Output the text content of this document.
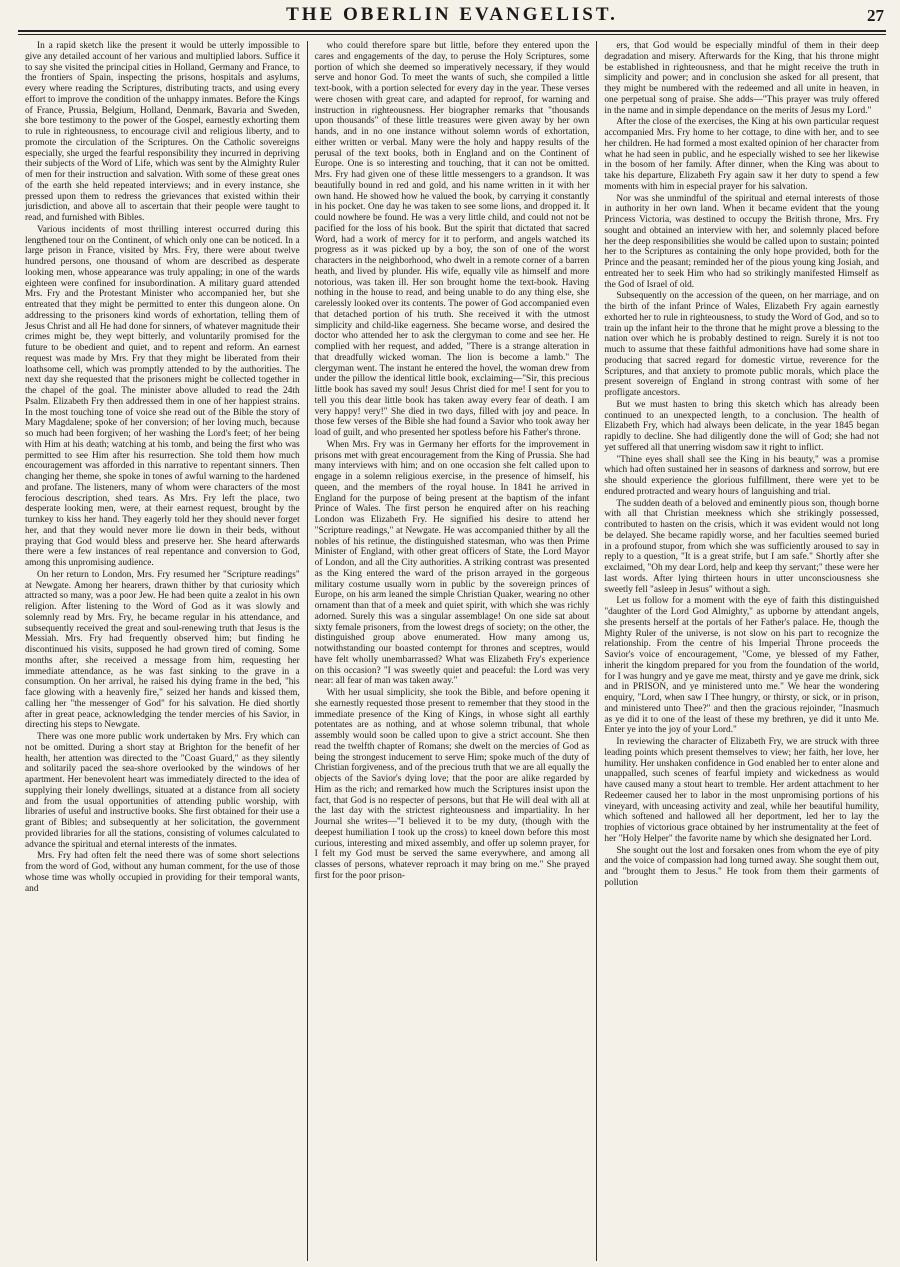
THE OBERLIN EVANGELIST.	27

In a rapid sketch like the present it would be utterly impossible to give any detailed account of her various and multiplied labors. Suffice it to say she visited the principal cities in Holland, Germany and France, to the frontiers of Spain, inspecting the prisons, hospitals and asylums, every where reading the Scriptures, distributing tracts, and using every effort to improve the condition of the unhappy inmates. Before the Kings of France, Prussia, Belgium, Holland, Denmark, Bavaria and Sweden, she bore testimony to the power of the Gospel, earnestly exhorting them to rule in righteousness, to encourage civil and religious liberty, and to promote the circulation of the Scriptures. On the Catholic sovereigns especially, she urged the fearful responsibility they incurred in depriving their subjects of the Word of Life, which was sent by the Almighty Ruler of men for their instruction and salvation. With some of these great ones of the earth she held repeated interviews; and in every instance, she pressed upon them to redress the grievances that existed within their jurisdiction, and above all to ascertain that their people were taught to read, and furnished with Bibles.

Various incidents of most thrilling interest occurred during this lengthened tour on the Continent, of which only one can be noticed. In a large prison in France, visited by Mrs. Fry, there were about twelve hundred persons, one thousand of whom are described as desperate looking men, whose appearance was truly appaling; in one of the wards eighteen were confined for insubordination. A military guard attended Mrs. Fry and the Protestant Minister who accompanied her, but she entreated that they might be permitted to enter this dungeon alone. On addressing to the prisoners kind words of exhortation, telling them of Jesus Christ and all He had done for sinners, of whatever magnitude their crimes might be, they wept bitterly, and voluntarily promised for the future to be obedient and quiet, and to repent and reform. An earnest request was made by Mrs. Fry that they might be liberated from their loathsome cell, which was promptly attended to by the authorities. The next day she requested that the prisoners might be collected together in the chapel of the goal. The minister above alluded to read the 24th Psalm. Elizabeth Fry then addressed them in one of her happiest strains. In the most touching tone of voice she read out of the Bible the story of Mary Magdalene; spoke of her conversion; of her loving much, because so much had been forgiven; of her washing the Lord's feet; of her being with Him at his death; watching at his tomb, and being the first who was permitted to see Him after his resurrection. She told them how much encouragement was afforded in this narrative to repentant sinners. Then changing her theme, she spoke in tones of awful warning to the hardened and profane. The listeners, many of whom were characters of the most ferocious description, shed tears. As Mrs. Fry left the place, two desperate looking men, were, at their earnest request, brought by the turnkey to kiss her hand. They eagerly told her they should never forget her, and that they would never more lie down in their beds, without praying that God would bless and preserve her. She heard afterwards there were a few instances of real repentance and conversion to God, among this unpromising audience.

On her return to London, Mrs. Fry resumed her "Scripture readings" at Newgate. Among her hearers, drawn thither by that curiosity which attracted so many, was a poor Jew. He had been quite a zealot in his own religion. After listening to the Word of God as it was slowly and solemnly read by Mrs. Fry, he became regular in his attendance, and subsequently received the great and soul-renewing truth that Jesus is the Messiah. Mrs. Fry had frequently observed him; but finding he discontinued his visits, supposed he had grown tired of coming. Some months after, she received a message from him, requesting her immediate attendance, as he was fast sinking to the grave in a consumption. On her arrival, he raised his dying frame in the bed, "his face glowing with a heavenly fire," seized her hands and kissed them, calling her "the messenger of God" for his salvation. He died shortly after in great peace, acknowledging the tender mercies of his Savior, in directing his steps to Newgate.

There was one more public work undertaken by Mrs. Fry which can not be omitted. During a short stay at Brighton for the benefit of her health, her attention was directed to the "Coast Guard," as they silently and solitarily paced the sea-shore overlooked by the windows of her apartment. Her benevolent heart was immediately directed to the idea of supplying their lonely dwellings, situated at a distance from all society and from the usual opportunities of attending public worship, with libraries of useful and instructive books. She first obtained for their use a grant of Bibles; and subsequently at her solicitation, the government provided libraries for all the stations, consisting of volumes calculated to advance the spiritual and eternal interests of the inmates.

Mrs. Fry had often felt the need there was of some short selections from the word of God, without any human comment, for the use of those whose time was wholly occupied in providing for their temporal wants, and

who could therefore spare but little, before they entered upon the cares and engagements of the day, to peruse the Holy Scriptures, some portion of which she deemed so imperatively necessary, if they would serve and honor God. To meet the wants of such, she compiled a little text-book, with a portion selected for every day in the year. These verses were chosen with great care, and adapted for reproof, for warning and instruction in righteousness. Her biographer remarks that "thousands upon thousands" of these little treasures were given away by her own hands, and in no one instance without solemn words of exhortation, either written or verbal. Many were the holy and happy results of the perusal of the text books, both in England and on the Continent of Europe. One is so interesting and touching, that it can not be omitted. Mrs. Fry had given one of these little messengers to a grandson. It was beautifully bound in red and gold, and his name written in it with her own hand. He showed how he valued the book, by carrying it constantly in his pocket. One day he was taken to see some lions, and dropped it. It could nowhere be found. He was a very little child, and could not not be pacified for the loss of his book. But the spirit that dictated that sacred Word, had a work of mercy for it to perform, and angels watched its progress as it was picked up by a boy, the son of one of the worst characters in the neighborhood, who dwelt in a remote corner of a barren heath, and lived by plunder. His wife, equally vile as himself and more notorious, was taken ill. Her son brought home the text-book. Having nothing in the house to read, and being unable to do any thing else, she carelessly looked over its contents. The power of God accompanied even that detached portion of his truth. She received it with the utmost simplicity and child-like eagerness. She became worse, and desired the doctor who attended her to ask the clergyman to come and see her. He complied with her request, and added, "There is a strange alteration in that dreadfully wicked woman. The lion is become a lamb." The clergyman went. The instant he entered the hovel, the woman drew from under the pillow the identical little book, exclaiming—"Sir, this precious little book has saved my soul! Jesus Christ died for me! I sent for you to tell you this dear little book has taken away every fear of death. I am very happy! very!" She died in two days, filled with joy and peace. In those few verses of the Bible she had found a Savior who took away her load of guilt, and who presented her spotless before his Father's throne.

When Mrs. Fry was in Germany her efforts for the improvement in prisons met with great encouragement from the King of Prussia. She had many interviews with him; and on one occasion she felt called upon to engage in a solemn religious exercise, in the presence of himself, his queen, and the members of the royal house. In 1841 he arrived in England for the purpose of being present at the baptism of the infant Prince of Wales. The first person he enquired after on his reaching London was Elizabeth Fry. He signified his desire to attend her "Scripture readings," at Newgate. He was accompanied thither by all the nobles of his retinue, the distinguished statesman, who was then Prime Minister of England, with other great officers of State, the Lord Mayor of London, and all the City authorities. A striking contrast was presented as the King entered the ward of the prison arrayed in the gorgeous military costume usually worn in public by the sovereign princes of Europe, on his arm leaned the simple Christian Quaker, wearing no other ornament than that of a meek and quiet spirit, with which she was richly adorned. Surely this was a singular assemblage! On one side sat about sixty female prisoners, from the lowest dregs of society; on the other, the distinguished group above enumerated. How many among us, notwithstanding our boasted contempt for thrones and sceptres, would have felt wholly unembarrassed? What was Elizabeth Fry's experience on this occasion? "I was sweetly quiet and peaceful: the Lord was very near: all fear of man was taken away."

With her usual simplicity, she took the Bible, and before opening it she earnestly requested those present to remember that they stood in the immediate presence of the King of Kings, in whose sight all earthly potentates are as nothing, and at whose solemn tribunal, that whole assembly would soon be called upon to give a strict account. She then read the twelfth chapter of Romans; she dwelt on the mercies of God as being the strongest inducement to serve Him; spoke much of the duty of Christian forgiveness, and of the precious truth that we are all equally the objects of the Savior's dying love; that the poor are alike regarded by Him as the rich; and remarked how much the Scriptures insist upon the fact, that God is no respecter of persons, but that He will deal with all at the last day with the strictest righteousness and impartiality. In her Journal she writes—"I believed it to be my duty, (though with the deepest humiliation I took up the cross) to kneel down before this most curious, interesting and mixed assembly, and offer up solemn prayer, for I felt my God must be served the same everywhere, and among all classes of persons, whatever reproach it may bring on me." She prayed first for the poor prison-

ers, that God would be especially mindful of them in their deep degradation and misery. Afterwards for the King, that his throne might be established in righteousness, and that he might receive the truth in simplicity and power; and in conclusion she asked for all present, that they might be numbered with the redeemed and all unite in heaven, in one perpetual song of praise. She adds—"This prayer was truly offered in the name and in simple dependance on the merits of Jesus my Lord."

After the close of the exercises, the King at his own particular request accompanied Mrs. Fry home to her cottage, to dine with her, and to see her children. He had formed a most exalted opinion of her character from what he had seen in public, and he especially wished to see her likewise in the bosom of her family. After dinner, when the King was about to take his departure, Elizabeth Fry again saw it her duty to spend a few moments with him in especial prayer for his salvation.

Nor was she unmindful of the spiritual and eternal interests of those in authority in her own land. When it became evident that the young Princess Victoria, was destined to occupy the British throne, Mrs. Fry sought and obtained an interview with her, and solemnly placed before her the deep responsibilities she would be called upon to sustain; pointed her to the Scriptures as containing the only hope provided, both for the Prince and the peasant; reminded her of the pious young king Josiah, and entreated her to seek Him who had so strikingly manifested Himself as the God of Israel of old.

Subsequently on the accession of the queen, on her marriage, and on the birth of the infant Prince of Wales, Elizabeth Fry again earnestly exhorted her to rule in righteousness, to study the Word of God, and so to train up the infant heir to the throne that he might prove a blessing to the nation over which he is probably destined to reign. Surely it is not too much to assume that these faithful admonitions have had some share in producing that sacred regard for domestic virtue, reverence for the Scriptures, and that anxiety to promote public morals, which place the present sovereign of England in strong contrast with some of her profligate ancestors.

But we must hasten to bring this sketch which has already been continued to an unexpected length, to a conclusion. The health of Elizabeth Fry, which had always been delicate, in the year 1845 began rapidly to decline. She had diligently done the will of God; she had not yet suffered all that unerring wisdom saw it right to inflict.

"Thine eyes shall shall see the King in his beauty," was a promise which had often sustained her in seasons of darkness and sorrow, but ere she should experience the glorious fulfillment, there were yet to be endured protracted and weary hours of languishing and trial.

The sudden death of a beloved and eminently pious son, though borne with all that Christian meekness which she strikingly possessed, contributed to hasten on the crisis, which it was evident would not long be delayed. She became rapidly worse, and her faculties seemed buried in a profound stupor, from which she was sufficiently aroused to say in reply to a question, "It is a great strife, but I am safe." Shortly after she exclaimed, "Oh my dear Lord, help and keep thy servant;" these were her last words. After lying thirteen hours in utter unconsciousness she sweetly fell "asleep in Jesus" without a sigh.

Let us follow for a moment with the eye of faith this distinguished "daughter of the Lord God Almighty," as upborne by attendant angels, she presents herself at the portals of her Father's palace. He, though the Mighty Ruler of the universe, is not slow on his part to recognize the relationship. From the centre of his Imperial Throne proceeds the Savior's voice of encouragement, "Come, ye blessed of my Father, inherit the kingdom prepared for you from the foundation of the world, for I was hungry and ye gave me meat, thirsty and ye gave me drink, sick and in PRISON, and ye ministered unto me." We hear the wondering enquiry, "Lord, when saw I Thee hungry, or thirsty, or sick, or in prison, and ministered unto Thee?" and then the gracious rejoinder, "Inasmuch as ye did it to one of the least of these my brethren, ye did it unto Me. Enter ye into the joy of your Lord."

In reviewing the character of Elizabeth Fry, we are struck with three leading points which present themselves to view; her faith, her love, her humility. Her unshaken confidence in God enabled her to enter alone and unappalled, such scenes of fearful impiety and wickedness as would have caused many a stout heart to tremble. Her ardent attachment to her Redeemer caused her to labor in the most unpromising portions of his vineyard, with unceasing activity and zeal, while her beautiful humility, which softened and hallowed all her deportment, led her to lay the trophies of victorious grace obtained by her instrumentality at the feet of her "Holy Helper" the favorite name by which she designated her Lord.

She sought out the lost and forsaken ones from whom the eye of pity and the voice of compassion had long turned away. She sought them out, and "brought them to Jesus." He took from them their garments of pollution
